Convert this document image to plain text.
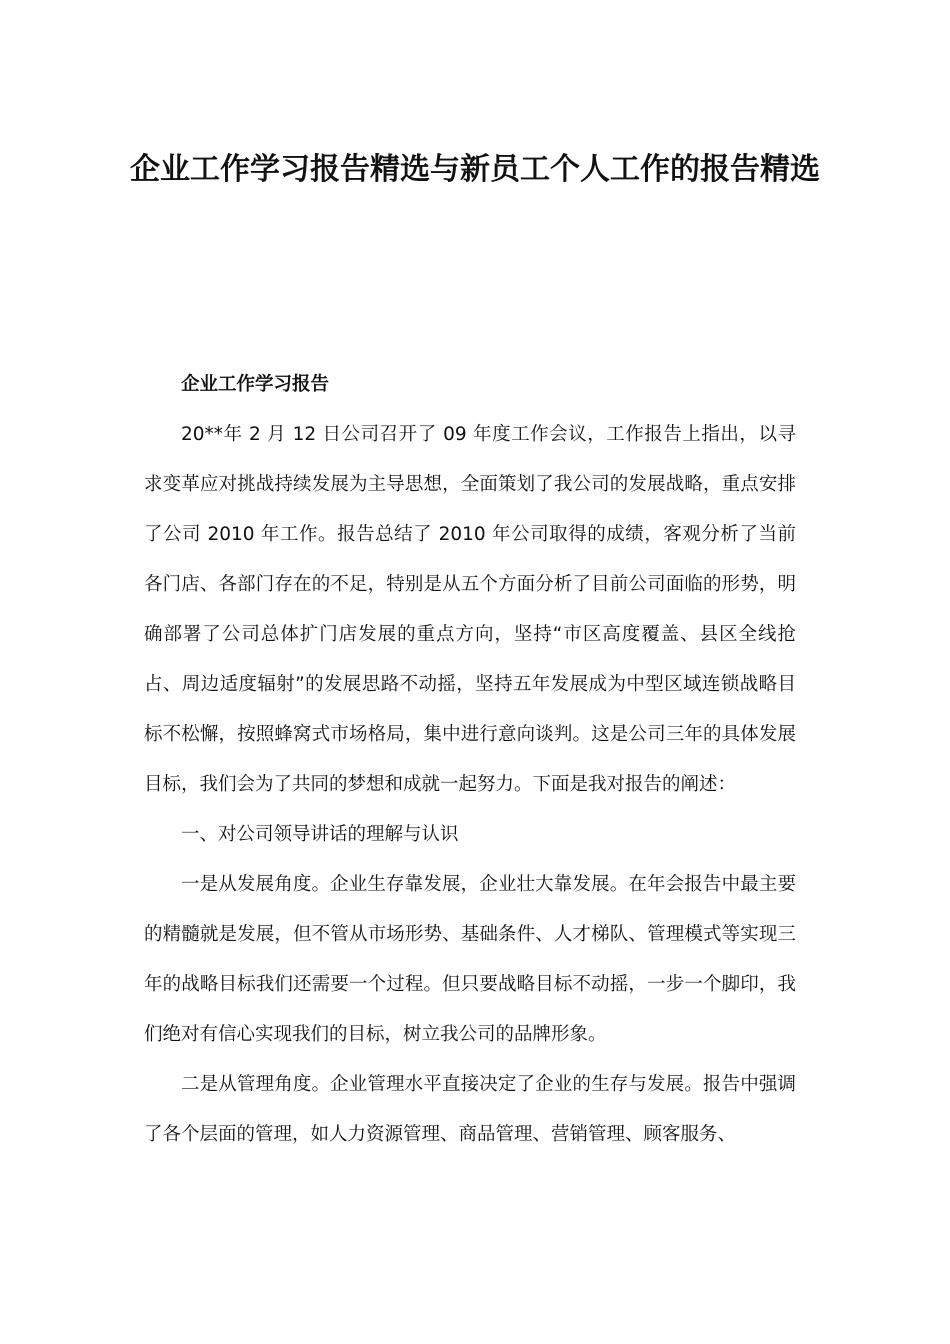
企业工作学习报告精选与新员工个人工作的报告精选

企业工作学习报告

20**年 2 月 12 日公司召开了 09 年度工作会议，工作报告上指出，以寻求变革应对挑战持续发展为主导思想，全面策划了我公司的发展战略，重点安排了公司 2010 年工作。报告总结了 2010 年公司取得的成绩，客观分析了当前各门店、各部门存在的不足，特别是从五个方面分析了目前公司面临的形势，明确部署了公司总体扩门店发展的重点方向，坚持“市区高度覆盖、县区全线抢占、周边适度辐射”的发展思路不动摇，坚持五年发展成为中型区域连锁战略目标不松懈，按照蜂窝式市场格局，集中进行意向谈判。这是公司三年的具体发展目标，我们会为了共同的梦想和成就一起努力。下面是我对报告的阐述：

一、对公司领导讲话的理解与认识

一是从发展角度。企业生存靠发展，企业壮大靠发展。在年会报告中最主要的精髓就是发展，但不管从市场形势、基础条件、人才梯队、管理模式等实现三年的战略目标我们还需要一个过程。但只要战略目标不动摇，一步一个脚印，我们绝对有信心实现我们的目标，树立我公司的品牌形象。

二是从管理角度。企业管理水平直接决定了企业的生存与发展。报告中强调了各个层面的管理，如人力资源管理、商品管理、营销管理、顾客服务、
